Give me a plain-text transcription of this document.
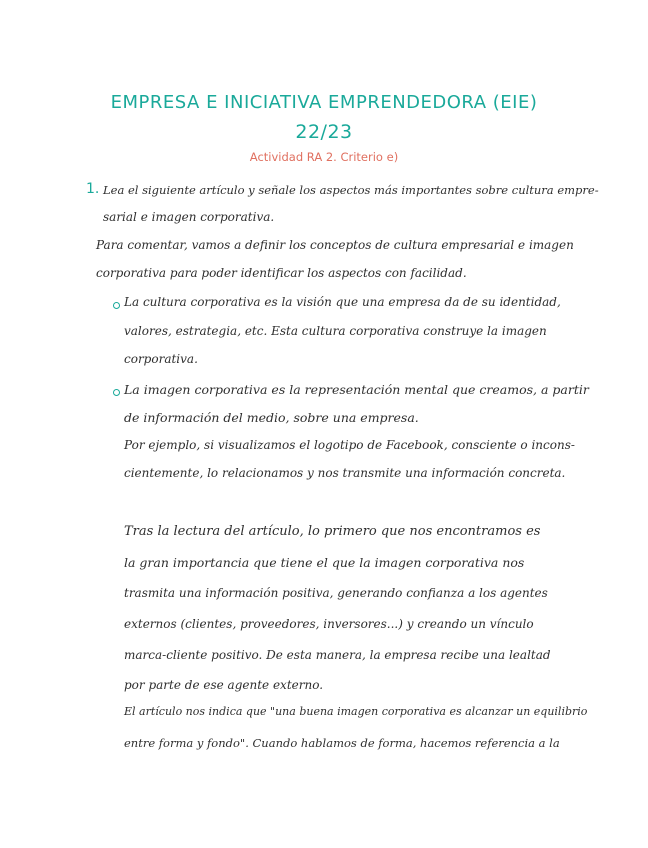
EMPRESA E INICIATIVA EMPRENDEDORA (EIE)
22/23
Actividad RA 2. Criterio e)
1. Lea el siguiente artículo y señale los aspectos más importantes sobre cultura empre-
sarial e imagen corporativa.
Para comentar, vamos a definir los conceptos de cultura empresarial e imagen
corporativa para poder identificar los aspectos con facilidad.
La cultura corporativa es la visión que una empresa da de su identidad,
valores, estrategia, etc. Esta cultura corporativa construye la imagen
corporativa.
La imagen corporativa es la representación mental que creamos, a partir
de información del medio, sobre una empresa.
Por ejemplo, si visualizamos el logotipo de Facebook, consciente o incons-
cientemente, lo relacionamos y nos transmite una información concreta.
Tras la lectura del artículo, lo primero que nos encontramos es
la gran importancia que tiene el que la imagen corporativa nos
trasmita una información positiva, generando confianza a los agentes
externos (clientes, proveedores, inversores...) y creando un vínculo
marca-cliente positivo. De esta manera, la empresa recibe una lealtad
por parte de ese agente externo.
El artículo nos indica que "una buena imagen corporativa es alcanzar un equilibrio
entre forma y fondo". Cuando hablamos de forma, hacemos referencia a la
